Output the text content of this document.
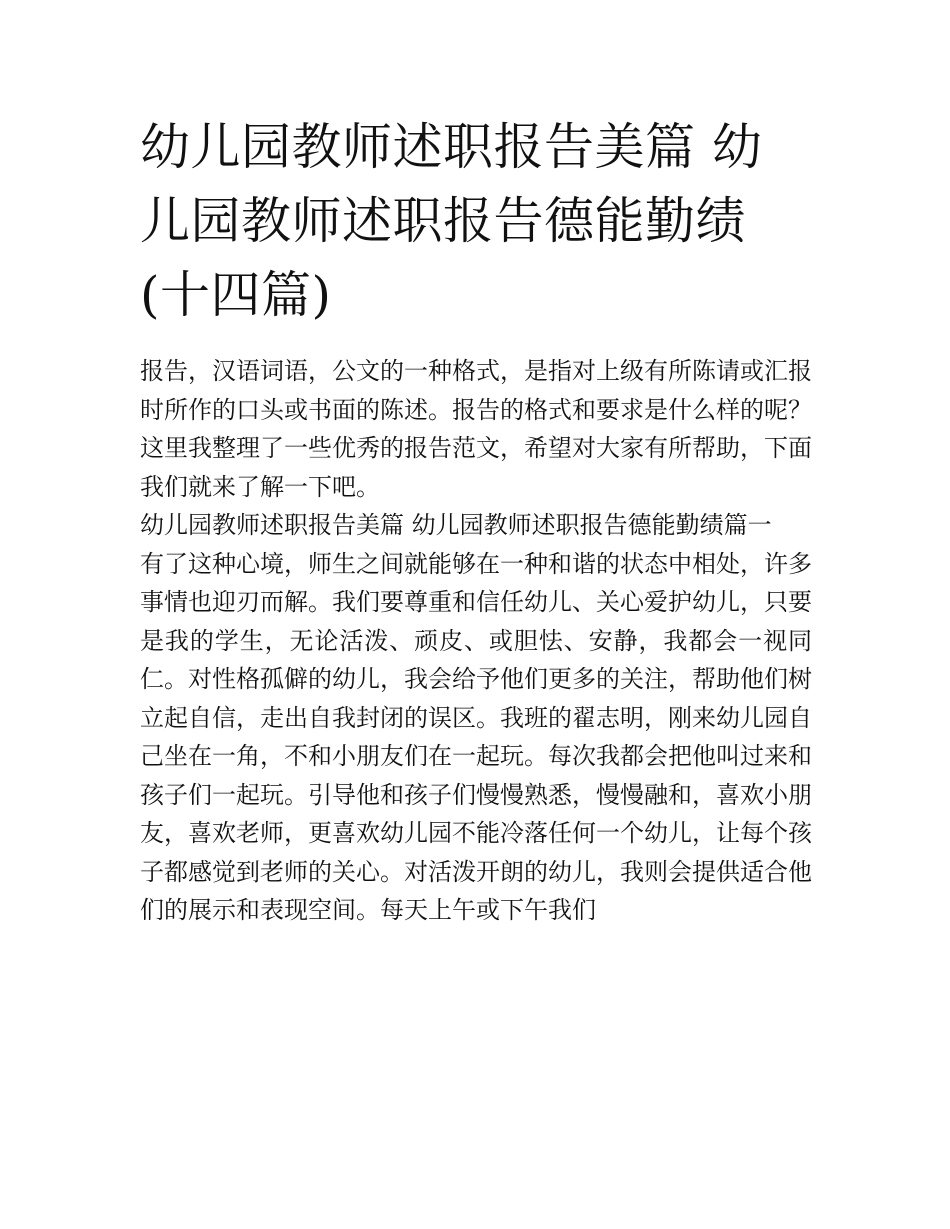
幼儿园教师述职报告美篇 幼儿园教师述职报告德能勤绩(十四篇)

报告，汉语词语，公文的一种格式，是指对上级有所陈请或汇报时所作的口头或书面的陈述。报告的格式和要求是什么样的呢？这里我整理了一些优秀的报告范文，希望对大家有所帮助，下面我们就来了解一下吧。

幼儿园教师述职报告美篇 幼儿园教师述职报告德能勤绩篇一

有了这种心境，师生之间就能够在一种和谐的状态中相处，许多事情也迎刃而解。我们要尊重和信任幼儿、关心爱护幼儿，只要是我的学生，无论活泼、顽皮、或胆怯、安静，我都会一视同仁。对性格孤僻的幼儿，我会给予他们更多的关注，帮助他们树立起自信，走出自我封闭的误区。我班的翟志明，刚来幼儿园自己坐在一角，不和小朋友们在一起玩。每次我都会把他叫过来和孩子们一起玩。引导他和孩子们慢慢熟悉，慢慢融和，喜欢小朋友，喜欢老师，更喜欢幼儿园不能冷落任何一个幼儿，让每个孩子都感觉到老师的关心。对活泼开朗的幼儿，我则会提供适合他们的展示和表现空间。每天上午或下午我们
